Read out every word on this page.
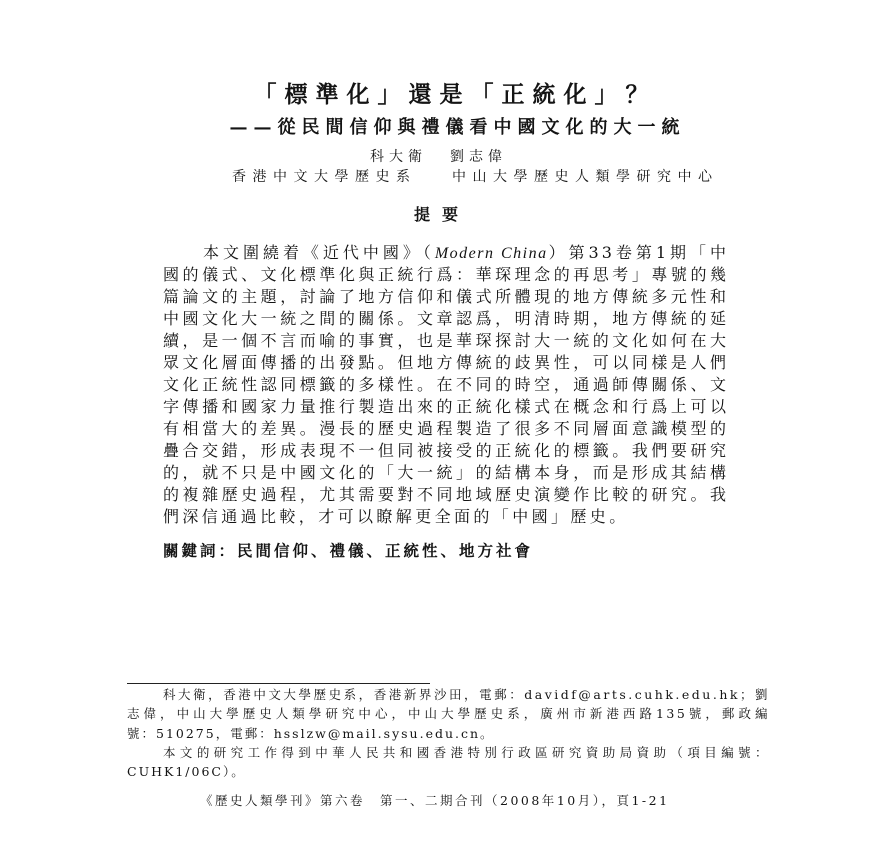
「標準化」還是「正統化」？
——從民間信仰與禮儀看中國文化的大一統
科大衛 劉志偉
香港中文大學歷史系	中山大學歷史人類學研究中心
提要
本文圍繞着《近代中國》（Modern China）第33卷第1期「中
國的儀式、文化標準化與正統行爲：華琛理念的再思考」專號的幾
篇論文的主題，討論了地方信仰和儀式所體現的地方傳統多元性和
中國文化大一統之間的關係。文章認爲，明清時期，地方傳統的延
續，是一個不言而喻的事實，也是華琛探討大一統的文化如何在大
眾文化層面傳播的出發點。但地方傳統的歧異性，可以同樣是人們
文化正統性認同標籤的多樣性。在不同的時空，通過師傳關係、文
字傳播和國家力量推行製造出來的正統化樣式在概念和行爲上可以
有相當大的差異。漫長的歷史過程製造了很多不同層面意識模型的
疊合交錯，形成表現不一但同被接受的正統化的標籤。我們要研究
的，就不只是中國文化的「大一統」的結構本身，而是形成其結構
的複雜歷史過程，尤其需要對不同地域歷史演變作比較的研究。我
們深信通過比較，才可以瞭解更全面的「中國」歷史。
關鍵詞：民間信仰、禮儀、正統性、地方社會
科大衛，香港中文大學歷史系，香港新界沙田，電郵：davidf@arts.cuhk.edu.hk；劉
志偉，中山大學歷史人類學研究中心，中山大學歷史系，廣州市新港西路135號，郵政編
號：510275，電郵：hsslzw@mail.sysu.edu.cn。
本文的研究工作得到中華人民共和國香港特別行政區研究資助局資助（項目編號：
CUHK1/06C）。
《歷史人類學刊》第六卷　第一、二期合刊（2008年10月），頁1-21
